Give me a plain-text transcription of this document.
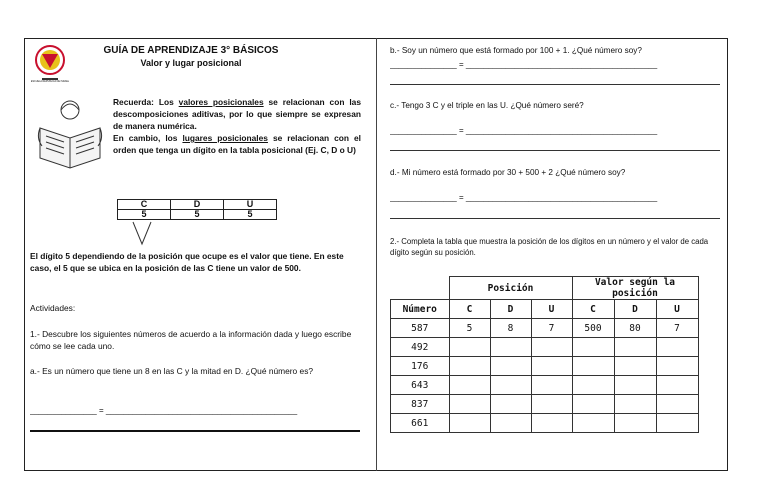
ESCUELA REPUBLICA DE ISRAEL
GUÍA DE APRENDIZAJE 3° BÁSICOS
Valor y lugar posicional
Recuerda: Los valores posicionales se relacionan con las descomposiciones aditivas, por lo que siempre se expresan de manera numérica.
En cambio, los lugares posicionales se relacionan con el orden que tenga un dígito en la tabla posicional (Ej. C, D o U)
C	D	U
5	5	5
El dígito 5 dependiendo de la posición que ocupe es el valor que tiene. En este caso, el 5 que se ubica en la posición de las C tiene un valor de 500.
Actividades:
1.- Descubre los siguientes números de acuerdo a la información dada y luego escribe cómo se lee cada uno.
a.- Es un número que tiene un 8 en las C y la mitad en D. ¿Qué número es?
_______________ = ___________________________________________
b.- Soy un número que está formado por 100 + 1. ¿Qué número soy?
_______________ = ___________________________________________
c.- Tengo 3 C y el triple en las U. ¿Qué número seré?
_______________ = ___________________________________________
d.- Mi número está formado por 30 + 500 + 2 ¿Qué número soy?
_______________ = ___________________________________________
2.- Completa la tabla que muestra la posición de los dígitos en un número y el valor de cada dígito según su posición.
	Posición			Valor según la posición		
Número	C	D	U	C	D	U
587	5	8	7	500	80	7
492						
176						
643						
837						
661						
